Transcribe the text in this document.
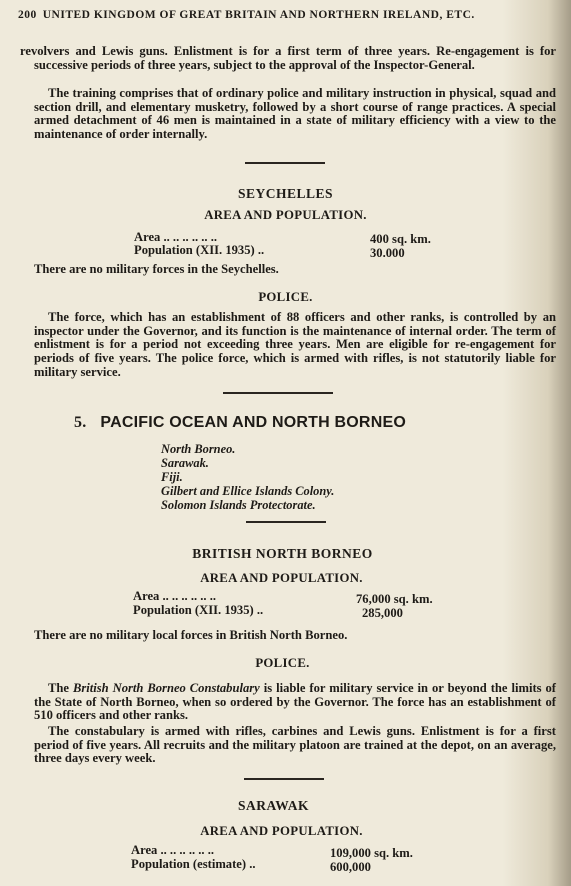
200 UNITED KINGDOM OF GREAT BRITAIN AND NORTHERN IRELAND, ETC.
revolvers and Lewis guns. Enlistment is for a first term of three years. Re-engagement is for successive periods of three years, subject to the approval of the Inspector-General.
The training comprises that of ordinary police and military instruction in physical, squad and section drill, and elementary musketry, followed by a short course of range practices. A special armed detachment of 46 men is maintained in a state of military efficiency with a view to the maintenance of order internally.
SEYCHELLES
AREA AND POPULATION.
Area .. .. .. .. .. ..	400 sq. km.
Population (XII. 1935) ..	30.000
There are no military forces in the Seychelles.
POLICE.
The force, which has an establishment of 88 officers and other ranks, is controlled by an inspector under the Governor, and its function is the maintenance of internal order. The term of enlistment is for a period not exceeding three years. Men are eligible for re-engagement for periods of five years. The police force, which is armed with rifles, is not statutorily liable for military service.
5. PACIFIC OCEAN AND NORTH BORNEO
North Borneo.
Sarawak.
Fiji.
Gilbert and Ellice Islands Colony.
Solomon Islands Protectorate.
BRITISH NORTH BORNEO
AREA AND POPULATION.
Area .. .. .. .. .. ..	76,000 sq. km.
Population (XII. 1935) ..	285,000
There are no military local forces in British North Borneo.
POLICE.
The British North Borneo Constabulary is liable for military service in or beyond the limits of the State of North Borneo, when so ordered by the Governor. The force has an establishment of 510 officers and other ranks.
The constabulary is armed with rifles, carbines and Lewis guns. Enlistment is for a first period of five years. All recruits and the military platoon are trained at the depot, on an average, three days every week.
SARAWAK
AREA AND POPULATION.
Area .. .. .. .. .. ..	109,000 sq. km.
Population (estimate) ..	600,000
